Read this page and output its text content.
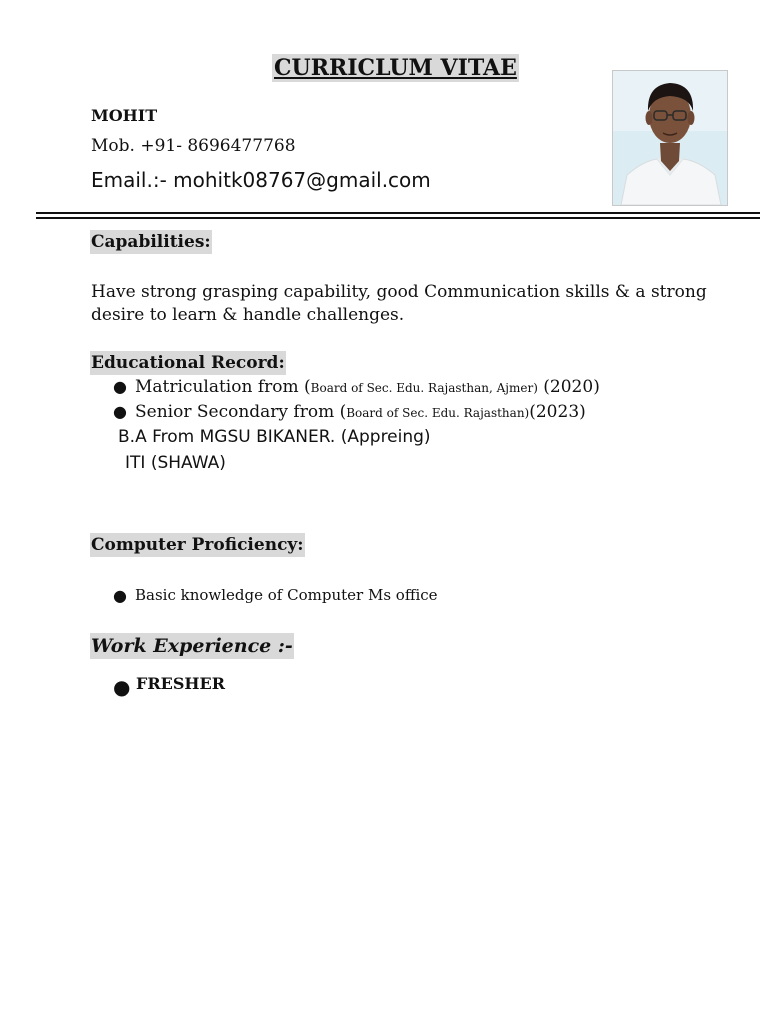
CURRICLUM VITAE
MOHIT
Mob. +91- 8696477768
Email.:- mohitk08767@gmail.com
Capabilities:
Have strong grasping capability, good Communication skills & a strong desire to learn & handle challenges.
Educational Record:
● Matriculation from (Board of Sec. Edu. Rajasthan, Ajmer) (2020)
● Senior Secondary from (Board of Sec. Edu. Rajasthan)(2023)
B.A From MGSU BIKANER. (Appreing)
ITI (SHAWA)
Computer Proficiency:
● Basic knowledge of Computer Ms office
Work Experience :-
● FRESHER
